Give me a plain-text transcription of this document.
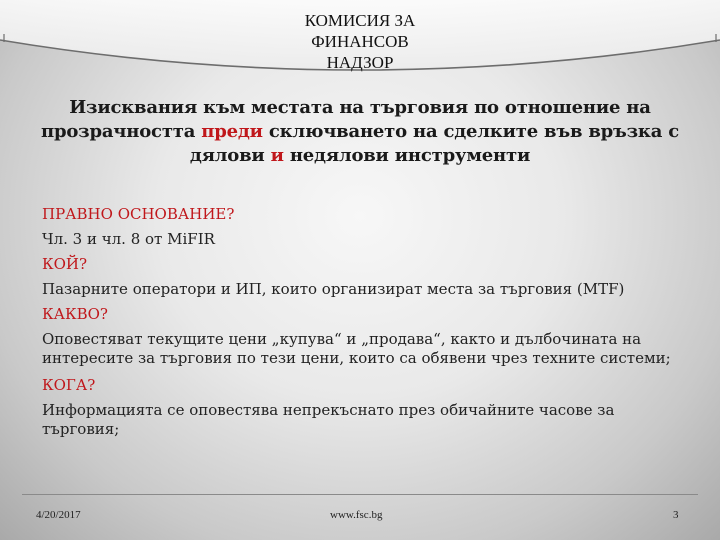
КОМИСИЯ ЗА
ФИНАНСОВ
НАДЗОР
Изисквания към местата на търговия по отношение на
прозрачността преди сключването на сделките във връзка с
дялови и недялови инструменти
ПРАВНО ОСНОВАНИЕ?
Чл. 3 и чл. 8 от MiFIR
КОЙ?
Пазарните оператори и ИП, които организират места за търговия (MTF)
КАКВО?
Оповестяват текущите цени „купува“ и „продава“, както и дълбочината на интересите за търговия по тези цени, които са обявени чрез техните системи;
КОГА?
Информацията се оповестява непрекъснато през обичайните часове за търговия;
4/20/2017	www.fsc.bg	3
